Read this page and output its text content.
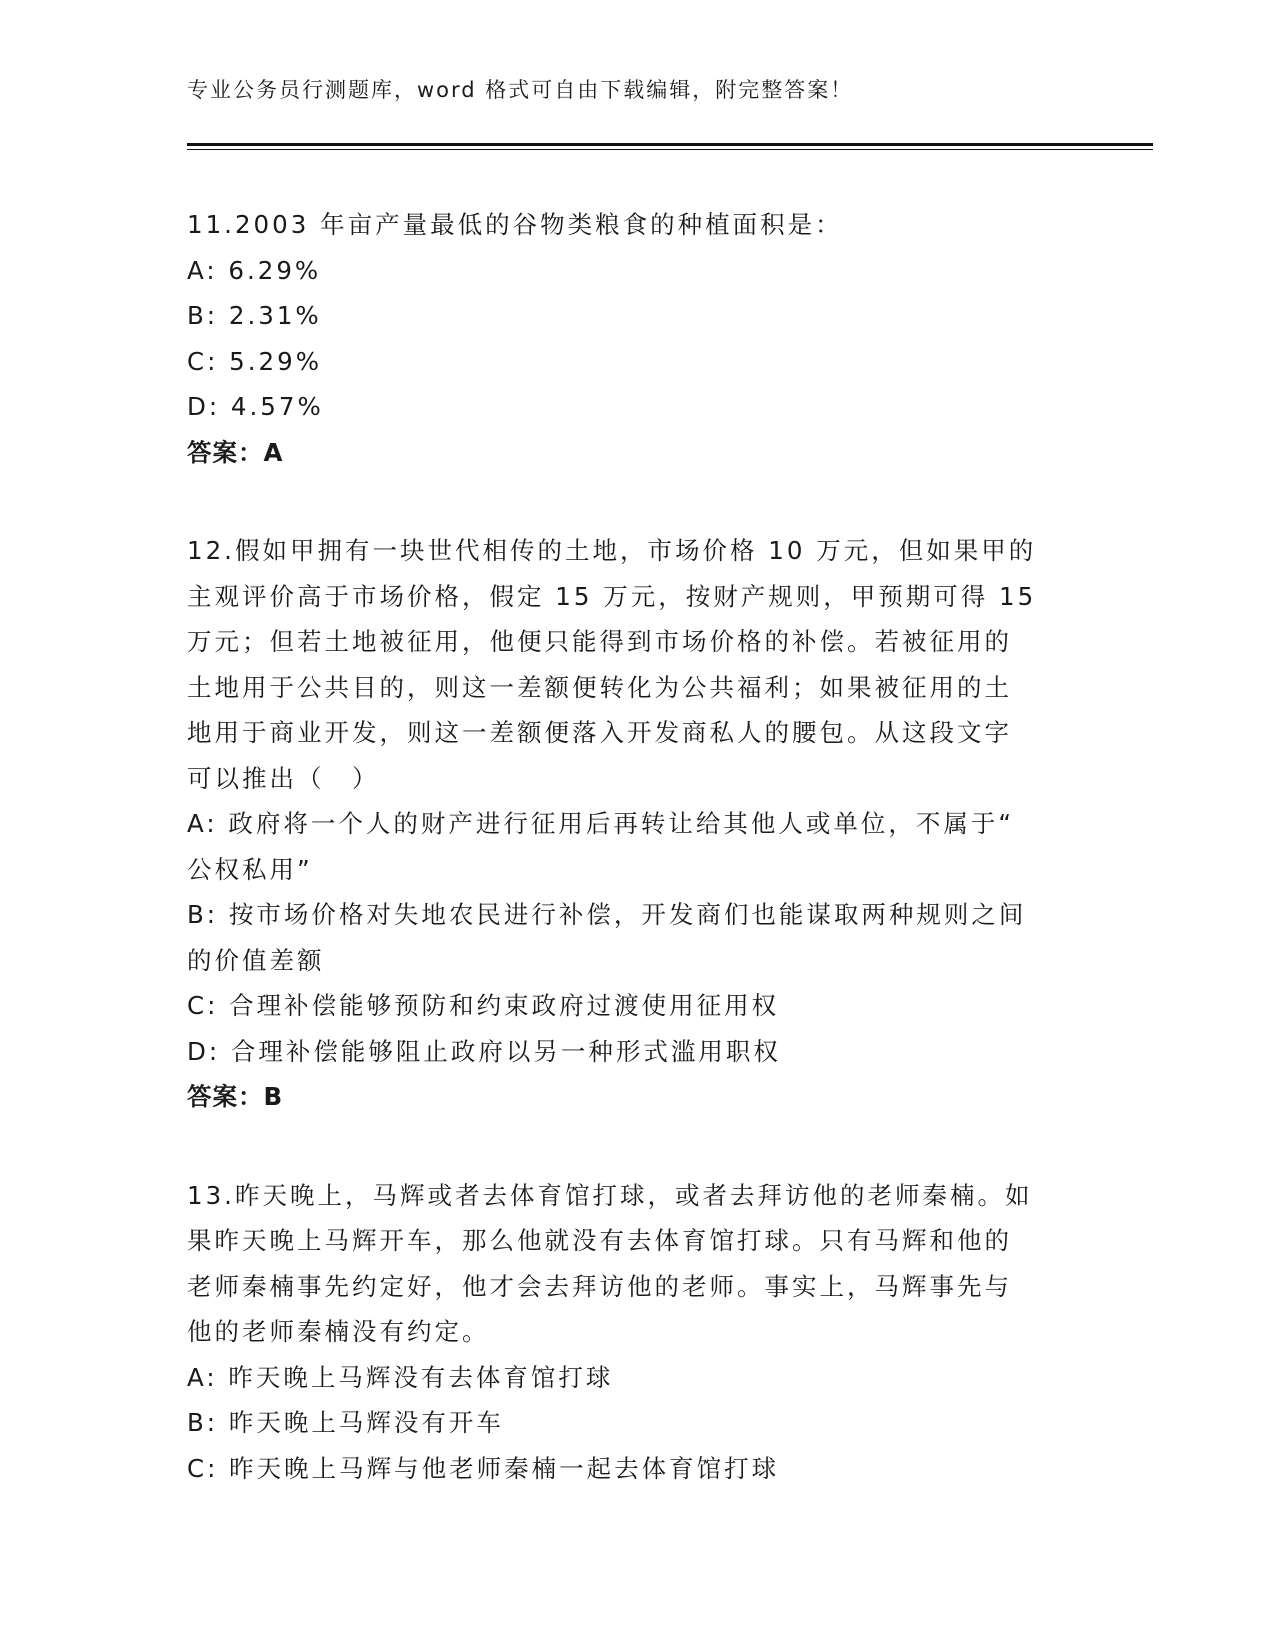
专业公务员行测题库，word 格式可自由下载编辑，附完整答案！
11.2003 年亩产量最低的谷物类粮食的种植面积是：
A: 6.29%
B: 2.31%
C: 5.29%
D: 4.57%
答案：A
12.假如甲拥有一块世代相传的土地，市场价格 10 万元，但如果甲的
主观评价高于市场价格，假定 15 万元，按财产规则，甲预期可得 15
万元；但若土地被征用，他便只能得到市场价格的补偿。若被征用的
土地用于公共目的，则这一差额便转化为公共福利；如果被征用的土
地用于商业开发，则这一差额便落入开发商私人的腰包。从这段文字
可以推出（　）
A: 政府将一个人的财产进行征用后再转让给其他人或单位，不属于“
公权私用”
B: 按市场价格对失地农民进行补偿，开发商们也能谋取两种规则之间
的价值差额
C: 合理补偿能够预防和约束政府过渡使用征用权
D: 合理补偿能够阻止政府以另一种形式滥用职权
答案：B
13.昨天晚上，马辉或者去体育馆打球，或者去拜访他的老师秦楠。如
果昨天晚上马辉开车，那么他就没有去体育馆打球。只有马辉和他的
老师秦楠事先约定好，他才会去拜访他的老师。事实上，马辉事先与
他的老师秦楠没有约定。
A: 昨天晚上马辉没有去体育馆打球
B: 昨天晚上马辉没有开车
C: 昨天晚上马辉与他老师秦楠一起去体育馆打球
